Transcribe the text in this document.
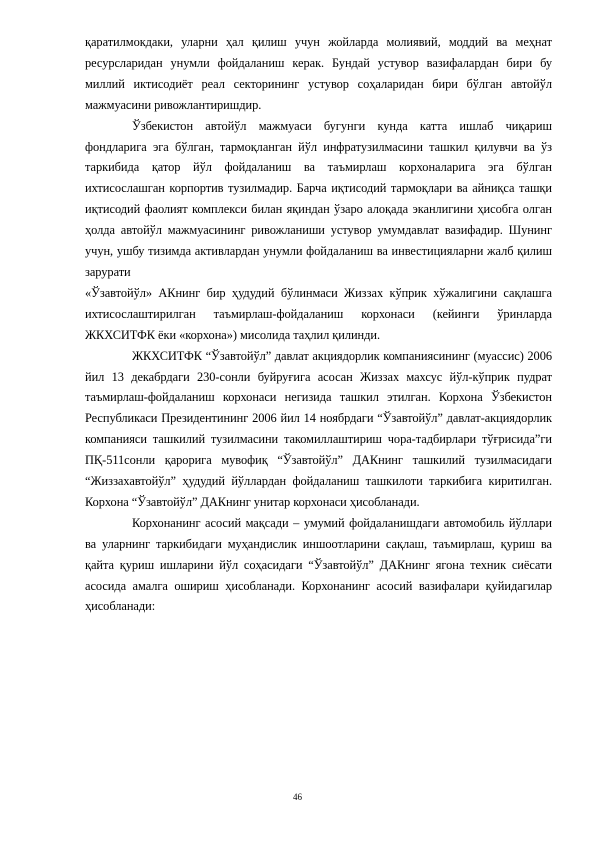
қаратилмокдаки, уларни ҳал қилиш учун жойларда молиявий, моддий ва меҳнат ресурсларидан унумли фойдаланиш керак. Бундай устувор вазифалардан бири бу миллий иктисодиёт реал секторининг устувор соҳаларидан бири бўлган автойўл мажмуасини ривожлантиришдир.

Ўзбекистон автойўл мажмуаси бугунги кунда катта ишлаб чиқариш фондларига эга бўлган, тармоқланган йўл инфратузилмасини ташкил қилувчи ва ўз таркибида қатор йўл фойдаланиш ва таъмирлаш корхоналарига эга бўлган ихтисослашган корпортив тузилмадир. Барча иқтисодий тармоқлари ва айниқса ташқи иқтисодий фаолият комплекси билан яқиндан ўзаро алоқада эканлигини ҳисобга олган ҳолда автойўл мажмуасининг ривожланиши устувор умумдавлат вазифадир. Шунинг учун, ушбу тизимда активлардан унумли фойдаланиш ва инвестицияларни жалб қилиш зарурати

«Ўзавтойўл» АКнинг бир ҳудудий бўлинмаси Жиззах кўприк хўжалигини сақлашга ихтисослаштирилган таъмирлаш-фойдаланиш корхонаси (кейинги ўринларда ЖКХСИТФК ёки «корхона») мисолида таҳлил қилинди.

ЖКХСИТФК “Ўзавтойўл” давлат акциядорлик компаниясининг (муассис) 2006 йил 13 декабрдаги 230-сонли буйруғига асосан Жиззах махсус йўл-кўприк пудрат таъмирлаш-фойдаланиш корхонаси негизида ташкил этилган. Корхона Ўзбекистон Республикаси Президентининг 2006 йил 14 ноябрдаги “Ўзавтойўл” давлат-акциядорлик компанияси ташкилий тузилмасини такомиллаштириш чора-тадбирлари тўғрисида”ги ПҚ-511сонли қарорига мувофиқ “Ўзавтойўл” ДАКнинг ташкилий тузилмасидаги “Жиззахавтойўл” ҳудудий йўллардан фойдаланиш ташкилоти таркибига киритилган. Корхона “Ўзавтойўл” ДАКнинг унитар корхонаси ҳисобланади.

Корхонанинг асосий мақсади – умумий фойдаланишдаги автомобиль йўллари ва уларнинг таркибидаги муҳандислик иншоотларини сақлаш, таъмирлаш, қуриш ва қайта қуриш ишларини йўл соҳасидаги “Ўзавтойўл” ДАКнинг ягона техник сиёсати асосида амалга ошириш ҳисобланади. Корхонанинг асосий вазифалари қуйидагилар ҳисобланади:

46
